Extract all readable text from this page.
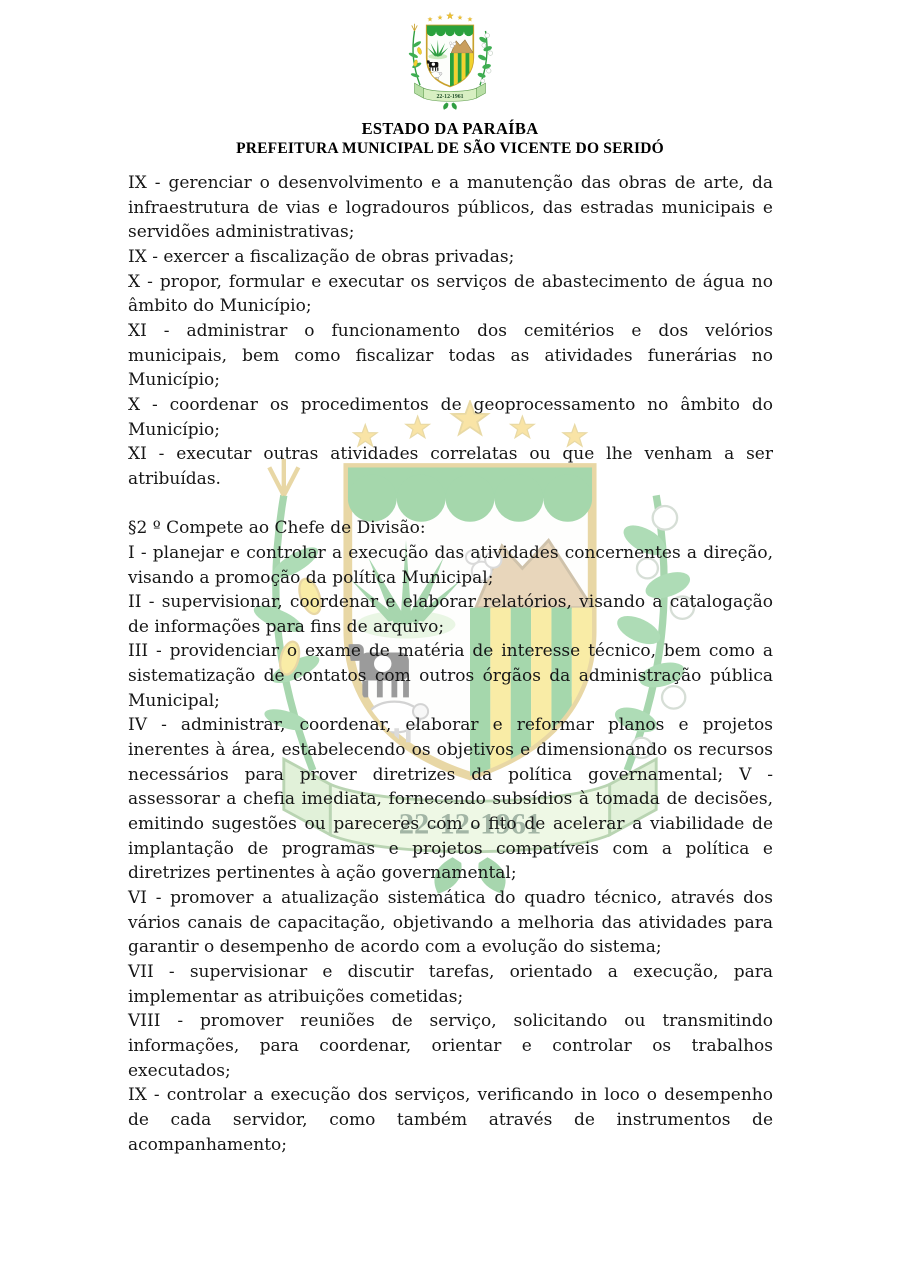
ESTADO DA PARAÍBA
PREFEITURA MUNICIPAL DE SÃO VICENTE DO SERIDÓ

IX - gerenciar o desenvolvimento e a manutenção das obras de arte, da infraestrutura de vias e logradouros públicos, das estradas municipais e servidões administrativas;

IX - exercer a fiscalização de obras privadas;

X - propor, formular e executar os serviços de abastecimento de água no âmbito do Município;

XI - administrar o funcionamento dos cemitérios e dos velórios municipais, bem como fiscalizar todas as atividades funerárias no Município;

X - coordenar os procedimentos de geoprocessamento no âmbito do Município;

XI - executar outras atividades correlatas ou que lhe venham a ser atribuídas.

§2 º Compete ao Chefe de Divisão:

I - planejar e controlar a execução das atividades concernentes a direção, visando a promoção da política Municipal;

II - supervisionar, coordenar e elaborar relatórios, visando a catalogação de informações para fins de arquivo;

III - providenciar o exame de matéria de interesse técnico, bem como a sistematização de contatos com outros órgãos da administração pública Municipal;

IV - administrar, coordenar, elaborar e reformar planos e projetos inerentes à área, estabelecendo os objetivos e dimensionando os recursos necessários para prover diretrizes da política governamental; V - assessorar a chefia imediata, fornecendo subsídios à tomada de decisões, emitindo sugestões ou pareceres com o fito de acelerar a viabilidade de implantação de programas e projetos compatíveis com a política e diretrizes pertinentes à ação governamental;

VI - promover a atualização sistemática do quadro técnico, através dos vários canais de capacitação, objetivando a melhoria das atividades para garantir o desempenho de acordo com a evolução do sistema;

VII - supervisionar e discutir tarefas, orientado a execução, para implementar as atribuições cometidas;

VIII - promover reuniões de serviço, solicitando ou transmitindo informações, para coordenar, orientar e controlar os trabalhos executados;

IX - controlar a execução dos serviços, verificando in loco o desempenho de cada servidor, como também através de instrumentos de acompanhamento;
